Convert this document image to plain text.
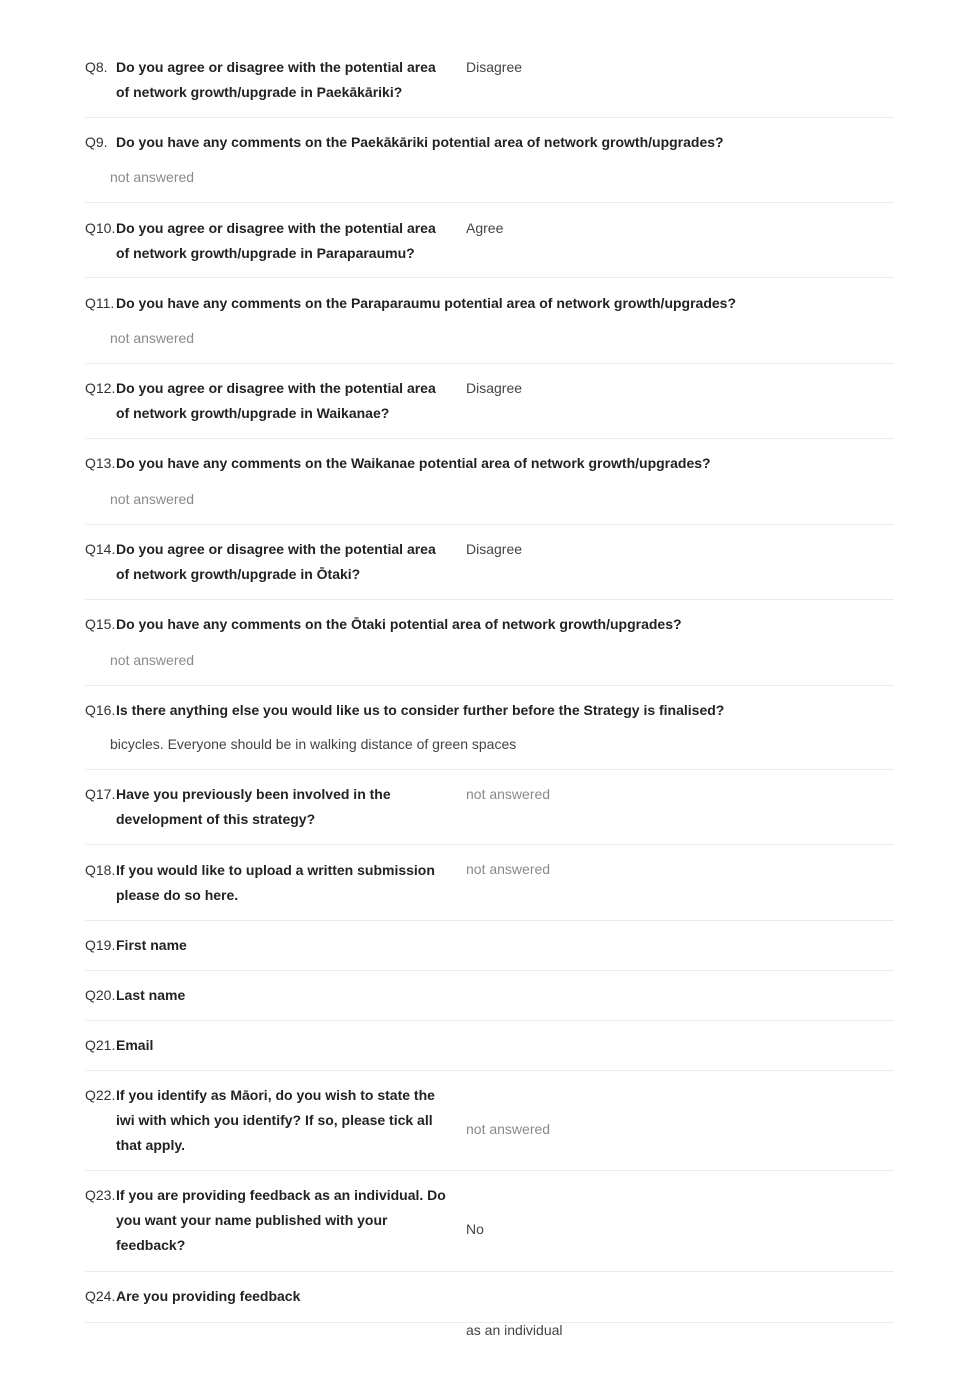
Q8. Do you agree or disagree with the potential area of network growth/upgrade in Paekākāriki?
Disagree
Q9. Do you have any comments on the Paekākāriki potential area of network growth/upgrades?
not answered
Q10. Do you agree or disagree with the potential area of network growth/upgrade in Paraparaumu?
Agree
Q11. Do you have any comments on the Paraparaumu potential area of network growth/upgrades?
not answered
Q12. Do you agree or disagree with the potential area of network growth/upgrade in Waikanae?
Disagree
Q13. Do you have any comments on the Waikanae potential area of network growth/upgrades?
not answered
Q14. Do you agree or disagree with the potential area of network growth/upgrade in Ōtaki?
Disagree
Q15. Do you have any comments on the Ōtaki potential area of network growth/upgrades?
not answered
Q16. Is there anything else you would like us to consider further before the Strategy is finalised?
bicycles. Everyone should be in walking distance of green spaces
Q17. Have you previously been involved in the development of this strategy?
not answered
Q18. If you would like to upload a written submission please do so here.
not answered
Q19. First name
Q20. Last name
Q21. Email
Q22. If you identify as Māori, do you wish to state the iwi with which you identify? If so, please tick all that apply.
not answered
Q23. If you are providing feedback as an individual. Do you want your name published with your feedback?
No
Q24. Are you providing feedback
as an individual
